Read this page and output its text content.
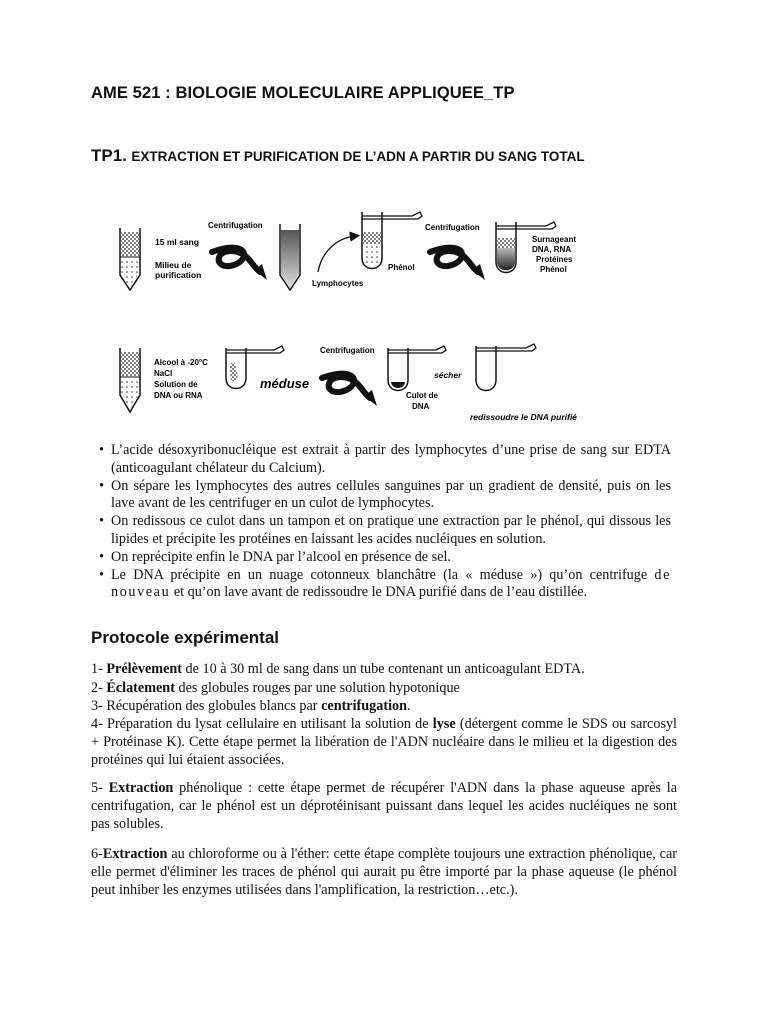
AME 521 : BIOLOGIE MOLECULAIRE APPLIQUEE_TP
TP1. EXTRACTION ET PURIFICATION DE L’ADN A PARTIR DU SANG TOTAL
15 ml sang
Milieu de
purification
Centrifugation
Lymphocytes
Phénol
Centrifugation
Surnageant
DNA, RNA
Protéines
Phénol
Alcool à -20°C
NaCl
Solution de
DNA ou RNA
méduse
Centrifugation
Culot de
DNA
sécher
redissoudre le DNA purifié
• L’acide désoxyribonucléique est extrait à partir des lymphocytes d’une prise de sang sur EDTA (anticoagulant chélateur du Calcium).
• On sépare les lymphocytes des autres cellules sanguines par un gradient de densité, puis on les lave avant de les centrifuger en un culot de lymphocytes.
• On redissous ce culot dans un tampon et on pratique une extraction par le phénol, qui dissous les lipides et précipite les protéines en laissant les acides nucléiques en solution.
• On reprécipite enfin le DNA par l’alcool en présence de sel.
• Le DNA précipite en un nuage cotonneux blanchâtre (la « méduse ») qu’on centrifuge de nouveau et qu’on lave avant de redissoudre le DNA purifié dans de l’eau distillée.
Protocole expérimental
1- Prélèvement de 10 à 30 ml de sang dans un tube contenant un anticoagulant EDTA.
2- Éclatement des globules rouges par une solution hypotonique
3- Récupération des globules blancs par centrifugation.
4- Préparation du lysat cellulaire en utilisant la solution de lyse (détergent comme le SDS ou sarcosyl + Protéinase K). Cette étape permet la libération de l'ADN nucléaire dans le milieu et la digestion des protéines qui lui étaient associées.
5- Extraction phénolique : cette étape permet de récupérer l'ADN dans la phase aqueuse après la centrifugation, car le phénol est un déprotéinisant puissant dans lequel les acides nucléiques ne sont pas solubles.
6-Extraction au chloroforme ou à l'éther: cette étape complète toujours une extraction phénolique, car elle permet d'éliminer les traces de phénol qui aurait pu être importé par la phase aqueuse (le phénol peut inhiber les enzymes utilisées dans l'amplification, la restriction…etc.).
